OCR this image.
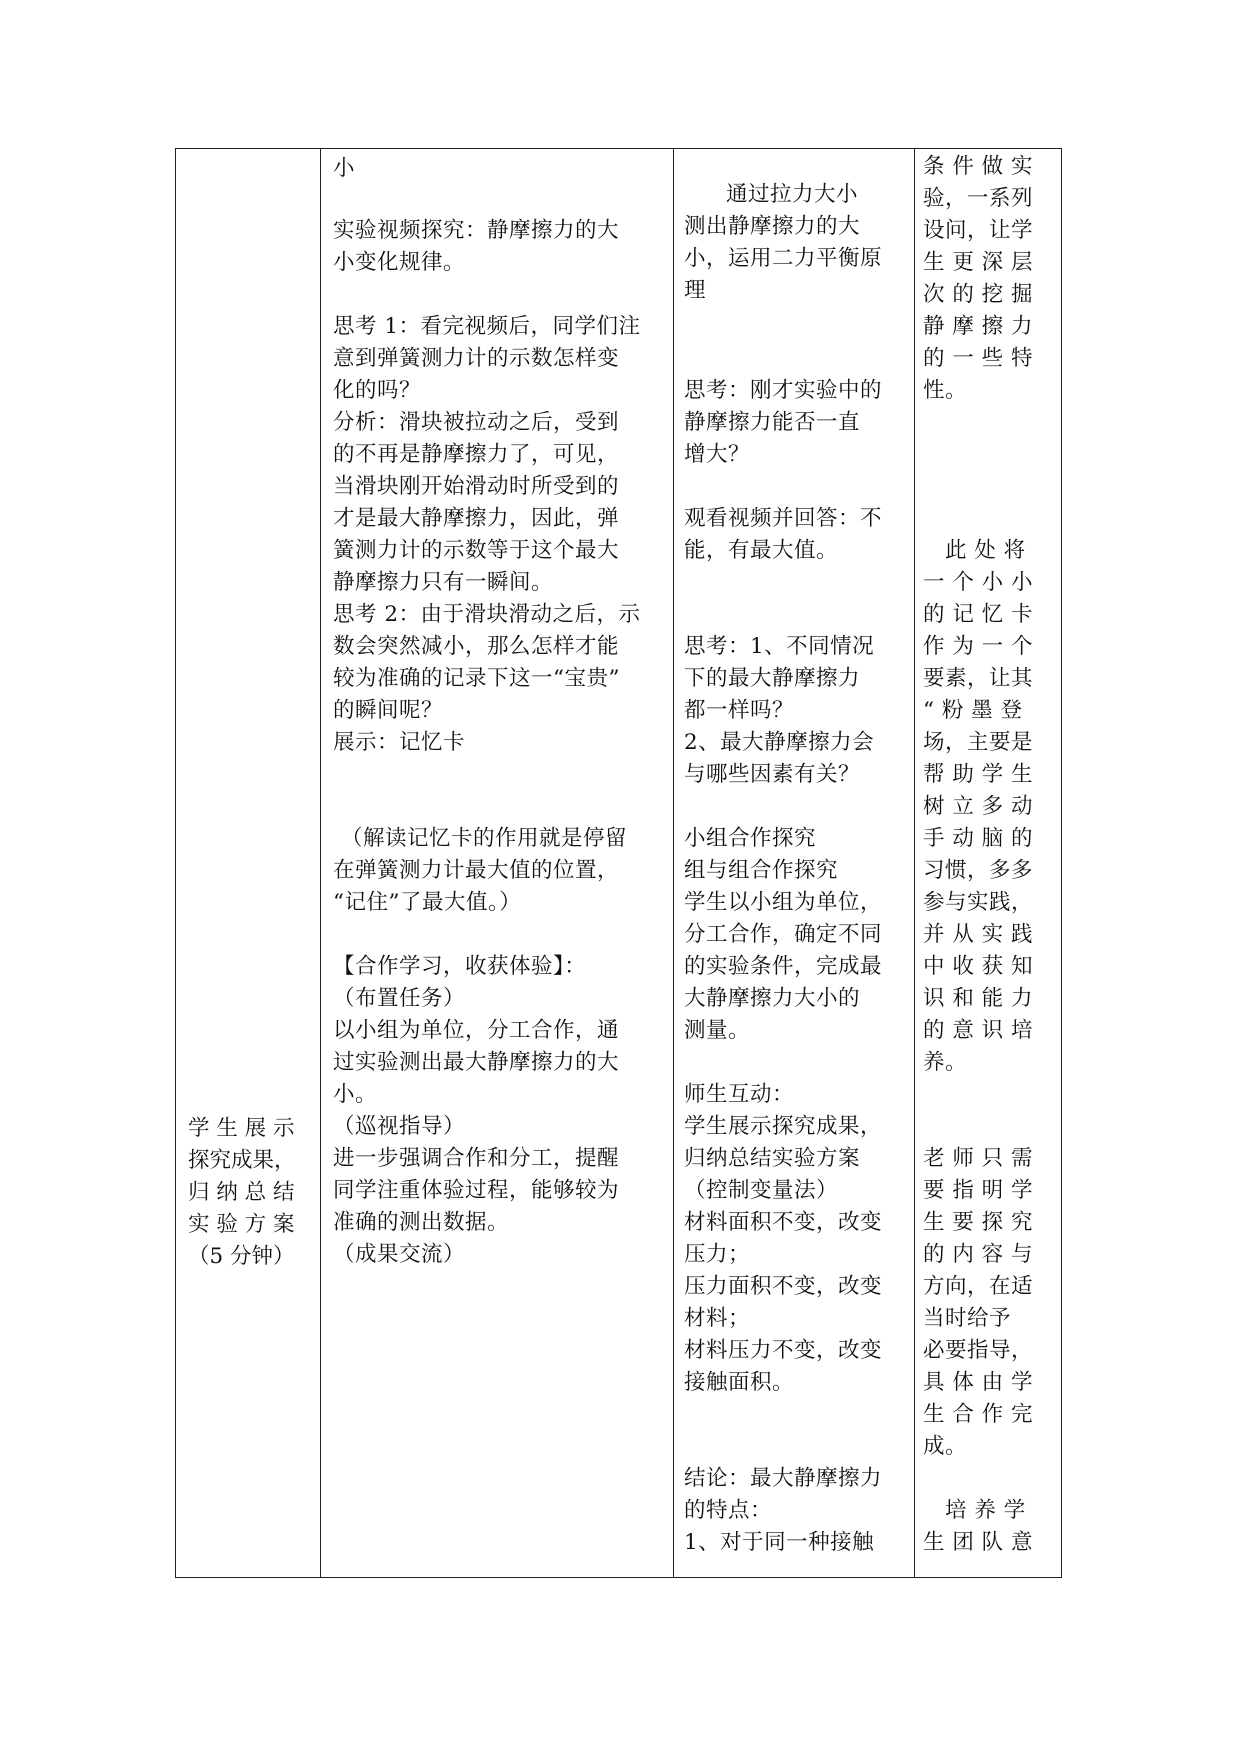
学 生 展 示
探究成果，
归 纳 总 结
实 验 方 案
（5 分钟）

小
实验视频探究：静摩擦力的大
小变化规律。
思考 1：看完视频后，同学们注
意到弹簧测力计的示数怎样变
化的吗？
分析：滑块被拉动之后，受到
的不再是静摩擦力了，可见，
当滑块刚开始滑动时所受到的
才是最大静摩擦力，因此，弹
簧测力计的示数等于这个最大
静摩擦力只有一瞬间。
思考 2：由于滑块滑动之后，示
数会突然减小，那么怎样才能
较为准确的记录下这一“宝贵”
的瞬间呢？
展示：记忆卡
（解读记忆卡的作用就是停留
在弹簧测力计最大值的位置，
“记住”了最大值。）
【合作学习，收获体验】：
（布置任务）
以小组为单位，分工合作，通
过实验测出最大静摩擦力的大
小。
（巡视指导）
进一步强调合作和分工，提醒
同学注重体验过程，能够较为
准确的测出数据。
（成果交流）

通过拉力大小
测出静摩擦力的大
小，运用二力平衡原
理
思考：刚才实验中的
静摩擦力能否一直
增大？
观看视频并回答：不
能，有最大值。
思考：1、不同情况
下的最大静摩擦力
都一样吗？
2、最大静摩擦力会
与哪些因素有关？
小组合作探究
组与组合作探究
学生以小组为单位，
分工合作，确定不同
的实验条件，完成最
大静摩擦力大小的
测量。
师生互动：
学生展示探究成果，
归纳总结实验方案
（控制变量法）
材料面积不变，改变
压力；
压力面积不变，改变
材料；
材料压力不变，改变
接触面积。
结论：最大静摩擦力
的特点：
1、对于同一种接触

条 件 做 实
验，一系列
设问，让学
生 更 深 层
次 的 挖 掘
静 摩 擦 力
的 一 些 特
性。
此 处 将
一 个 小 小
的 记 忆 卡
作 为 一 个
要素，让其
“ 粉 墨 登
场，主要是
帮 助 学 生
树 立 多 动
手 动 脑 的
习惯，多多
参与实践，
并 从 实 践
中 收 获 知
识 和 能 力
的 意 识 培
养。
老 师 只 需
要 指 明 学
生 要 探 究
的 内 容 与
方向，在适
当时给予
必要指导，
具 体 由 学
生 合 作 完
成。
培 养 学
生 团 队 意
